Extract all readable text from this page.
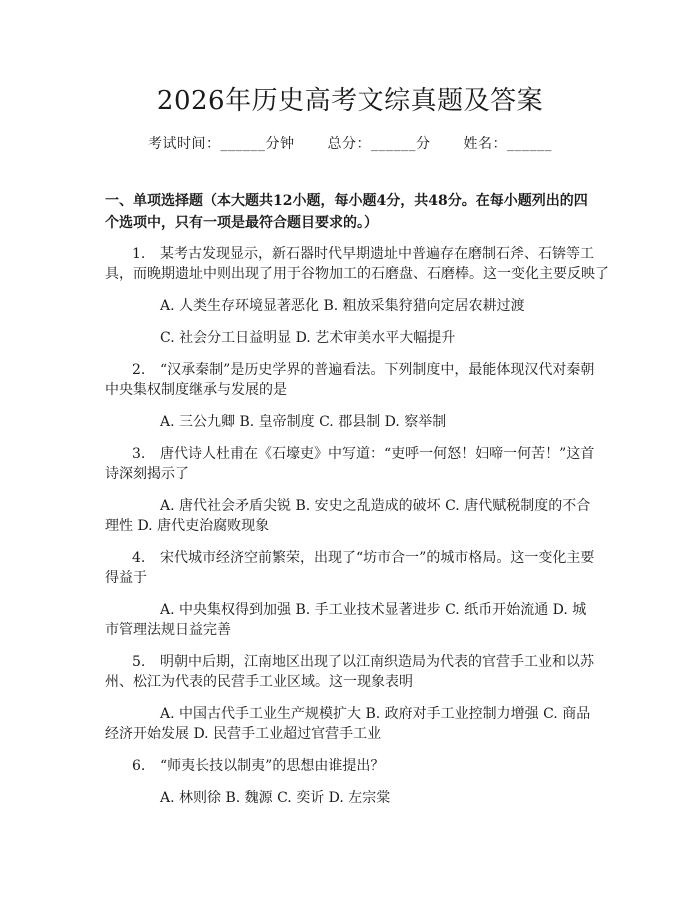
2026年历史高考文综真题及答案
考试时间：______分钟 总分：______分 姓名：______
一、单项选择题（本大题共12小题，每小题4分，共48分。在每小题列出的四个选项中，只有一项是最符合题目要求的。）
1. 某考古发现显示，新石器时代早期遗址中普遍存在磨制石斧、石锛等工
具，而晚期遗址中则出现了用于谷物加工的石磨盘、石磨棒。这一变化主要反映了
A. 人类生存环境显著恶化 B. 粗放采集狩猎向定居农耕过渡
C. 社会分工日益明显 D. 艺术审美水平大幅提升
2. “汉承秦制”是历史学界的普遍看法。下列制度中，最能体现汉代对秦朝
中央集权制度继承与发展的是
A. 三公九卿 B. 皇帝制度 C. 郡县制 D. 察举制
3. 唐代诗人杜甫在《石壕吏》中写道：“吏呼一何怒！妇啼一何苦！”这首
诗深刻揭示了
A. 唐代社会矛盾尖锐 B. 安史之乱造成的破坏 C. 唐代赋税制度的不合
理性 D. 唐代吏治腐败现象
4. 宋代城市经济空前繁荣，出现了“坊市合一”的城市格局。这一变化主要
得益于
A. 中央集权得到加强 B. 手工业技术显著进步 C. 纸币开始流通 D. 城
市管理法规日益完善
5. 明朝中后期，江南地区出现了以江南织造局为代表的官营手工业和以苏
州、松江为代表的民营手工业区域。这一现象表明
A. 中国古代手工业生产规模扩大 B. 政府对手工业控制力增强 C. 商品
经济开始发展 D. 民营手工业超过官营手工业
6. “师夷长技以制夷”的思想由谁提出？
A. 林则徐 B. 魏源 C. 奕䜣 D. 左宗棠
